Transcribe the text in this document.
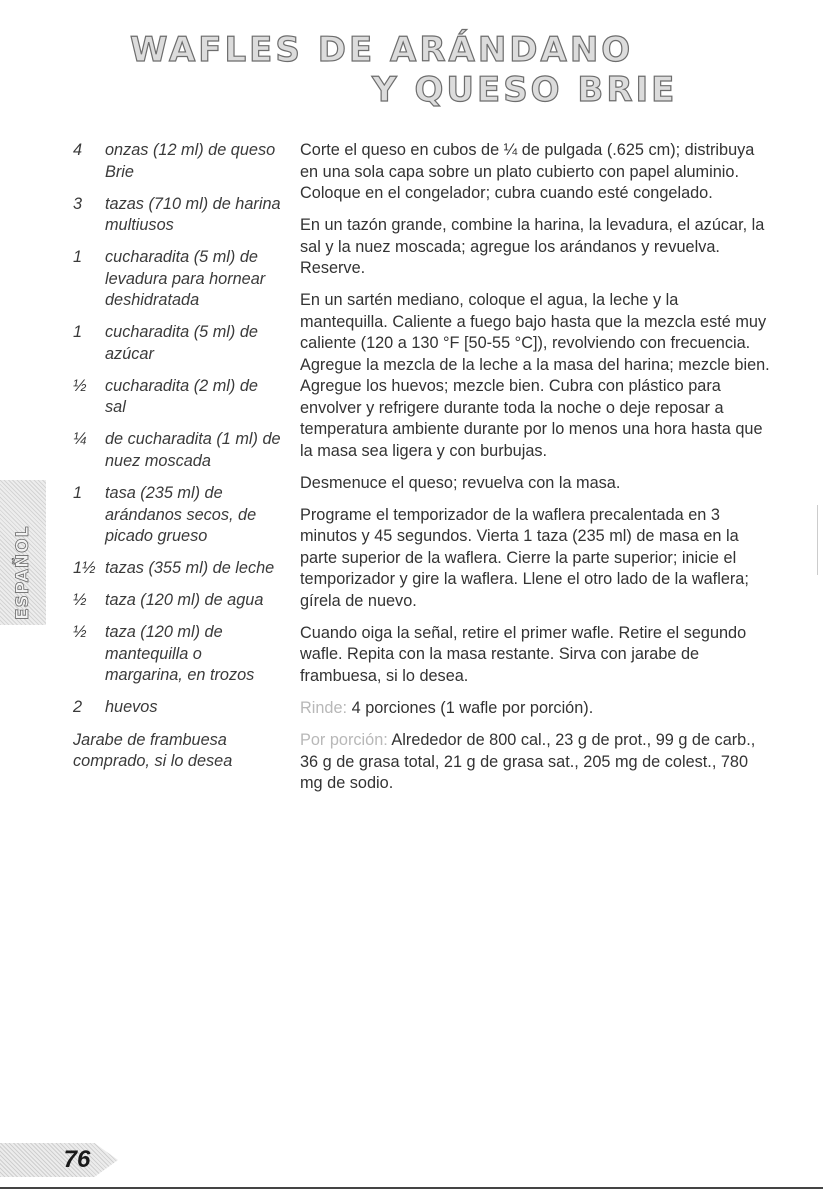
WAFLES DE ARÁNDANO
Y QUESO BRIE
4	onzas (12 ml) de queso Brie
3	tazas (710 ml) de harina multiusos
1	cucharadita (5 ml) de levadura para hornear deshidratada
1	cucharadita (5 ml) de azúcar
½	cucharadita (2 ml) de sal
¼	de cucharadita (1 ml) de nuez moscada
1	tasa (235 ml) de arándanos secos, de picado grueso
1½ tazas (355 ml) de leche
½	taza (120 ml) de agua
½	taza (120 ml) de mantequilla o margarina, en trozos
2	huevos
Jarabe de frambuesa comprado, si lo desea

Corte el queso en cubos de ¼ de pulgada (.625 cm); distribuya en una sola capa sobre un plato cubierto con papel aluminio. Coloque en el congelador; cubra cuando esté congelado.

En un tazón grande, combine la harina, la levadura, el azúcar, la sal y la nuez moscada; agregue los arándanos y revuelva. Reserve.

En un sartén mediano, coloque el agua, la leche y la mantequilla. Caliente a fuego bajo hasta que la mezcla esté muy caliente (120 a 130 °F [50-55 °C]), revolviendo con frecuencia. Agregue la mezcla de la leche a la masa del harina; mezcle bien. Agregue los huevos; mezcle bien. Cubra con plástico para envolver y refrigere durante toda la noche o deje reposar a temperatura ambiente durante por lo menos una hora hasta que la masa sea ligera y con burbujas.

Desmenuce el queso; revuelva con la masa.

Programe el temporizador de la waflera precalentada en 3 minutos y 45 segundos. Vierta 1 taza (235 ml) de masa en la parte superior de la waflera. Cierre la parte superior; inicie el temporizador y gire la waflera. Llene el otro lado de la waflera; gírela de nuevo.

Cuando oiga la señal, retire el primer wafle. Retire el segundo wafle. Repita con la masa restante. Sirva con jarabe de frambuesa, si lo desea.

Rinde: 4 porciones (1 wafle por porción).

Por porción: Alrededor de 800 cal., 23 g de prot., 99 g de carb., 36 g de grasa total, 21 g de grasa sat., 205 mg de colest., 780 mg de sodio.

ESPAÑOL
76
